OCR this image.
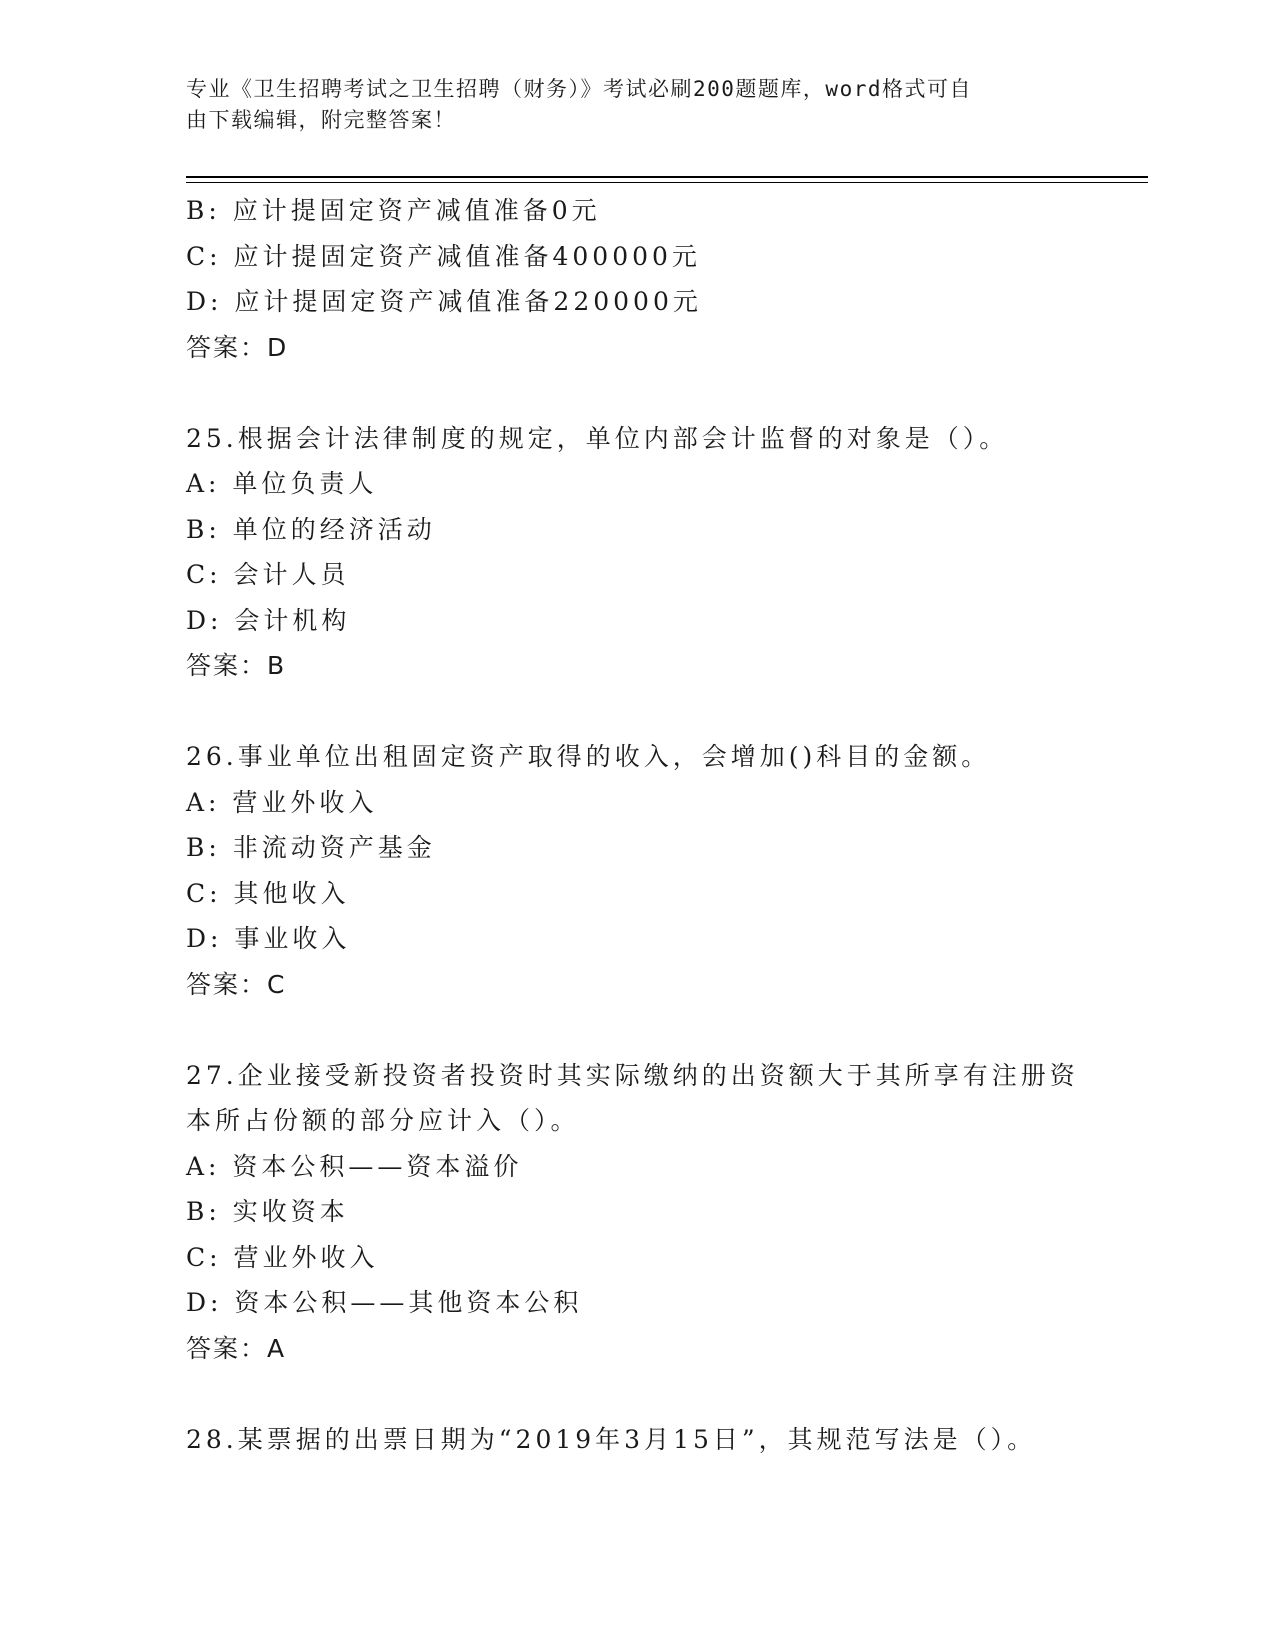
专业《卫生招聘考试之卫生招聘（财务）》考试必刷200题题库，word格式可自
由下载编辑，附完整答案！
B: 应计提固定资产减值准备0元
C: 应计提固定资产减值准备400000元
D: 应计提固定资产减值准备220000元
答案：D
25.根据会计法律制度的规定，单位内部会计监督的对象是（）。
A: 单位负责人
B: 单位的经济活动
C: 会计人员
D: 会计机构
答案：B
26.事业单位出租固定资产取得的收入，会增加()科目的金额。
A: 营业外收入
B: 非流动资产基金
C: 其他收入
D: 事业收入
答案：C
27.企业接受新投资者投资时其实际缴纳的出资额大于其所享有注册资
本所占份额的部分应计入（）。
A: 资本公积——资本溢价
B: 实收资本
C: 营业外收入
D: 资本公积——其他资本公积
答案：A
28.某票据的出票日期为“2019年3月15日”，其规范写法是（）。
